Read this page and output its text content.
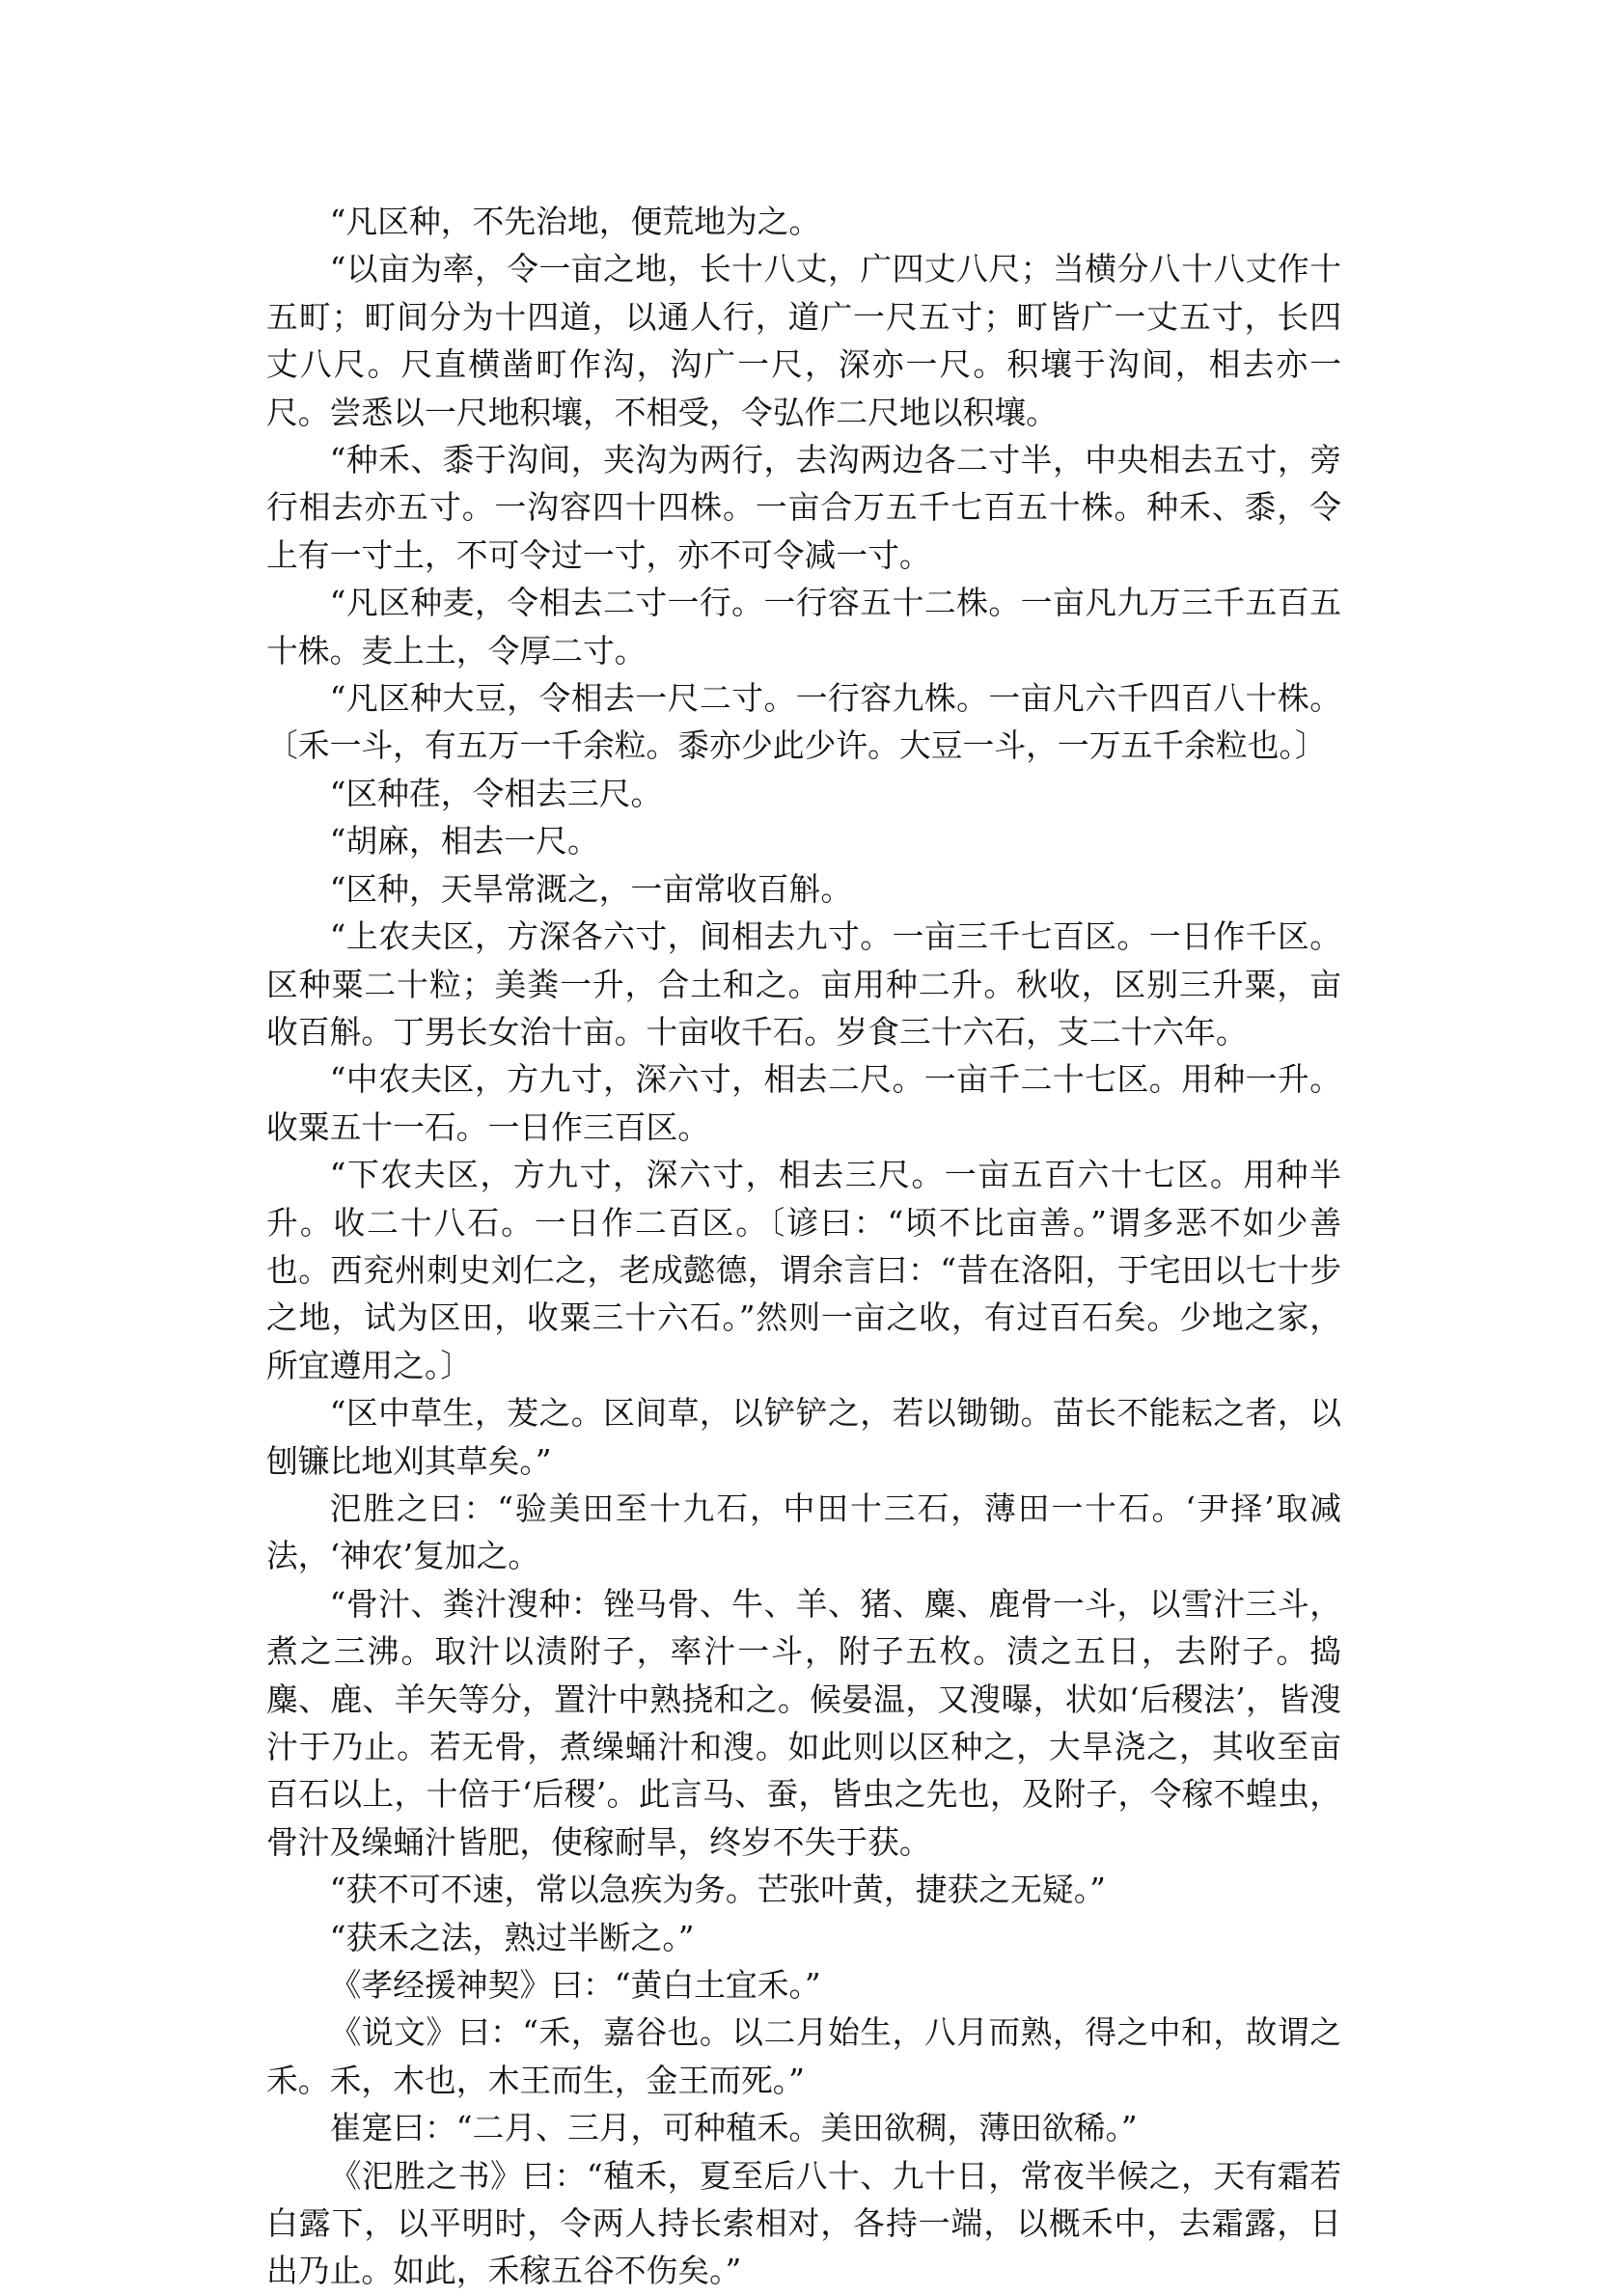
“凡区种，不先治地，便荒地为之。

“以亩为率，令一亩之地，长十八丈，广四丈八尺；当横分八十八丈作十五町；町间分为十四道，以通人行，道广一尺五寸；町皆广一丈五寸，长四丈八尺。尺直横凿町作沟，沟广一尺，深亦一尺。积壤于沟间，相去亦一尺。尝悉以一尺地积壤，不相受，令弘作二尺地以积壤。

“种禾、黍于沟间，夹沟为两行，去沟两边各二寸半，中央相去五寸，旁行相去亦五寸。一沟容四十四株。一亩合万五千七百五十株。种禾、黍，令上有一寸土，不可令过一寸，亦不可令减一寸。

“凡区种麦，令相去二寸一行。一行容五十二株。一亩凡九万三千五百五十株。麦上土，令厚二寸。

“凡区种大豆，令相去一尺二寸。一行容九株。一亩凡六千四百八十株。〔禾一斗，有五万一千余粒。黍亦少此少许。大豆一斗，一万五千余粒也。〕

“区种荏，令相去三尺。

“胡麻，相去一尺。

“区种，天旱常溉之，一亩常收百斛。

“上农夫区，方深各六寸，间相去九寸。一亩三千七百区。一日作千区。区种粟二十粒；美粪一升，合土和之。亩用种二升。秋收，区别三升粟，亩收百斛。丁男长女治十亩。十亩收千石。岁食三十六石，支二十六年。

“中农夫区，方九寸，深六寸，相去二尺。一亩千二十七区。用种一升。收粟五十一石。一日作三百区。

“下农夫区，方九寸，深六寸，相去三尺。一亩五百六十七区。用种半升。收二十八石。一日作二百区。〔谚曰：“顷不比亩善。”谓多恶不如少善也。西兖州刺史刘仁之，老成懿德，谓余言曰：“昔在洛阳，于宅田以七十步之地，试为区田，收粟三十六石。”然则一亩之收，有过百石矣。少地之家，所宜遵用之。〕

“区中草生，茇之。区间草，以铲铲之，若以锄锄。苗长不能耘之者，以刨镰比地刈其草矣。”

汜胜之曰：“验美田至十九石，中田十三石，薄田一十石。‘尹择’取减法，‘神农’复加之。

“骨汁、粪汁溲种：锉马骨、牛、羊、猪、麋、鹿骨一斗，以雪汁三斗，煮之三沸。取汁以渍附子，率汁一斗，附子五枚。渍之五日，去附子。捣麋、鹿、羊矢等分，置汁中熟挠和之。候晏温，又溲曝，状如‘后稷法’，皆溲汁于乃止。若无骨，煮缲蛹汁和溲。如此则以区种之，大旱浇之，其收至亩百石以上，十倍于‘后稷’。此言马、蚕，皆虫之先也，及附子，令稼不蝗虫，骨汁及缲蛹汁皆肥，使稼耐旱，终岁不失于获。

“获不可不速，常以急疾为务。芒张叶黄，捷获之无疑。”

“获禾之法，熟过半断之。”

《孝经援神契》曰：“黄白土宜禾。”

《说文》曰：“禾，嘉谷也。以二月始生，八月而熟，得之中和，故谓之禾。禾，木也，木王而生，金王而死。”

崔寔曰：“二月、三月，可种稙禾。美田欲稠，薄田欲稀。”

《汜胜之书》曰：“稙禾，夏至后八十、九十日，常夜半候之，天有霜若白露下，以平明时，令两人持长索相对，各持一端，以概禾中，去霜露，日出乃止。如此，禾稼五谷不伤矣。”
